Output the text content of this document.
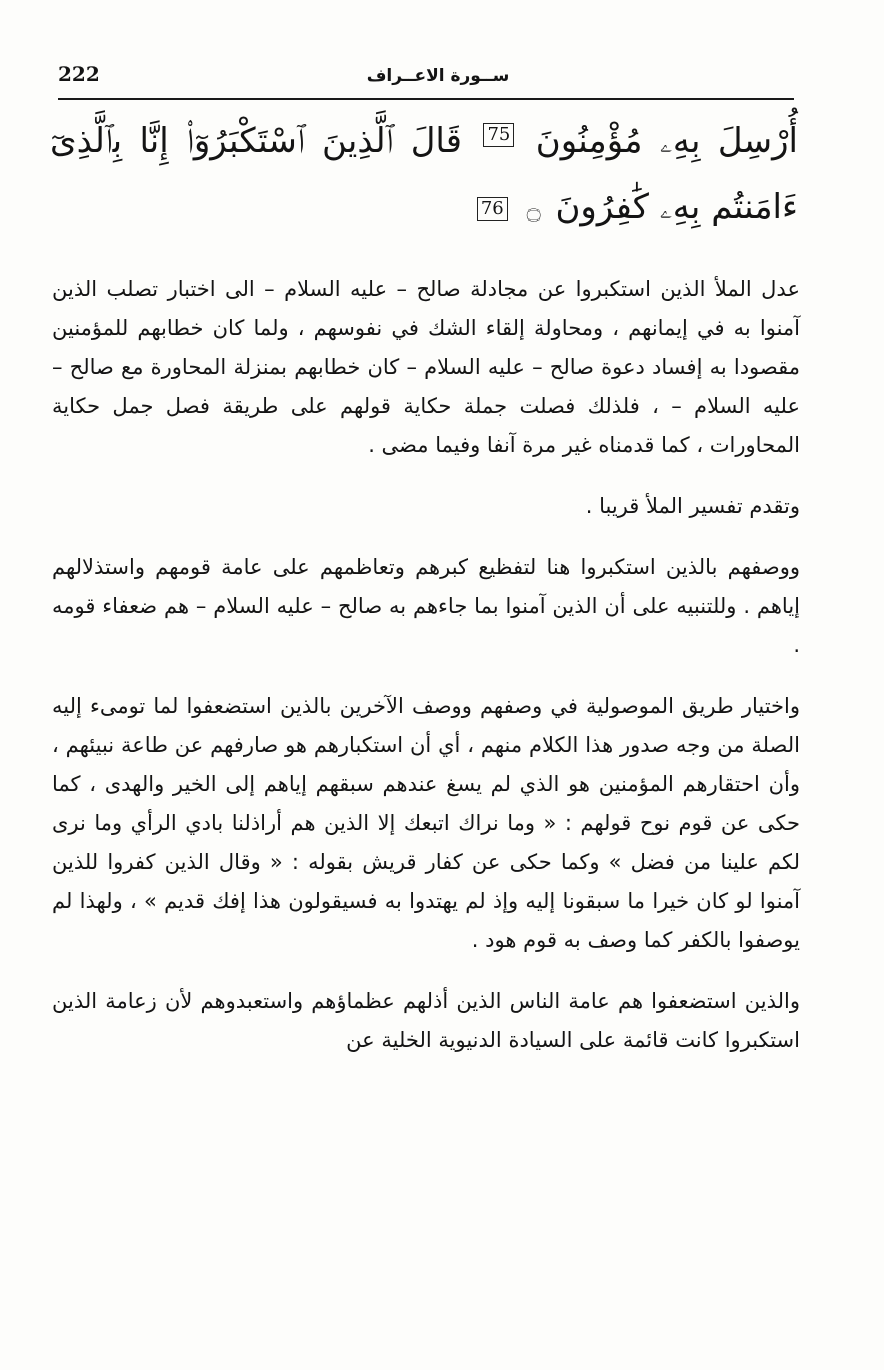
222	ســورة الاعــراف
أُرْسِلَ بِهِۦ مُؤْمِنُونَ 75 قَالَ ٱلَّذِينَ ٱسْتَكْبَرُوٓا۟ إِنَّا بِٱلَّذِىٓ ءَامَنتُم بِهِۦ كَٰفِرُونَ ۝ 76

عدل الملأ الذين استكبروا عن مجادلة صالح – عليه السلام – الى اختبار تصلب الذين آمنوا به في إيمانهم ، ومحاولة إلقاء الشك في نفوسهم ، ولما كان خطابهم للمؤمنين مقصودا به إفساد دعوة صالح – عليه السلام – كان خطابهم بمنزلة المحاورة مع صالح – عليه السلام – ، فلذلك فصلت جملة حكاية قولهم على طريقة فصل جمل حكاية المحاورات ، كما قدمناه غير مرة آنفا وفيما مضى .

وتقدم تفسير الملأ قريبا .

ووصفهم بالذين استكبروا هنا لتفظيع كبرهم وتعاظمهم على عامة قومهم واستذلالهم إياهم . وللتنبيه على أن الذين آمنوا بما جاءهم به صالح – عليه السلام – هم ضعفاء قومه .

واختيار طريق الموصولية في وصفهم ووصف الآخرين بالذين استضعفوا لما تومىء إليه الصلة من وجه صدور هذا الكلام منهم ، أي أن استكبارهم هو صارفهم عن طاعة نبيئهم ، وأن احتقارهم المؤمنين هو الذي لم يسغ عندهم سبقهم إياهم إلى الخير والهدى ، كما حكى عن قوم نوح قولهم : « وما نراك اتبعك إلا الذين هم أراذلنا بادي الرأي وما نرى لكم علينا من فضل » وكما حكى عن كفار قريش بقوله : « وقال الذين كفروا للذين آمنوا لو كان خيرا ما سبقونا إليه وإذ لم يهتدوا به فسيقولون هذا إفك قديم » ، ولهذا لم يوصفوا بالكفر كما وصف به قوم هود .

والذين استضعفوا هم عامة الناس الذين أذلهم عظماؤهم واستعبدوهم لأن زعامة الذين استكبروا كانت قائمة على السيادة الدنيوية الخلية عن
